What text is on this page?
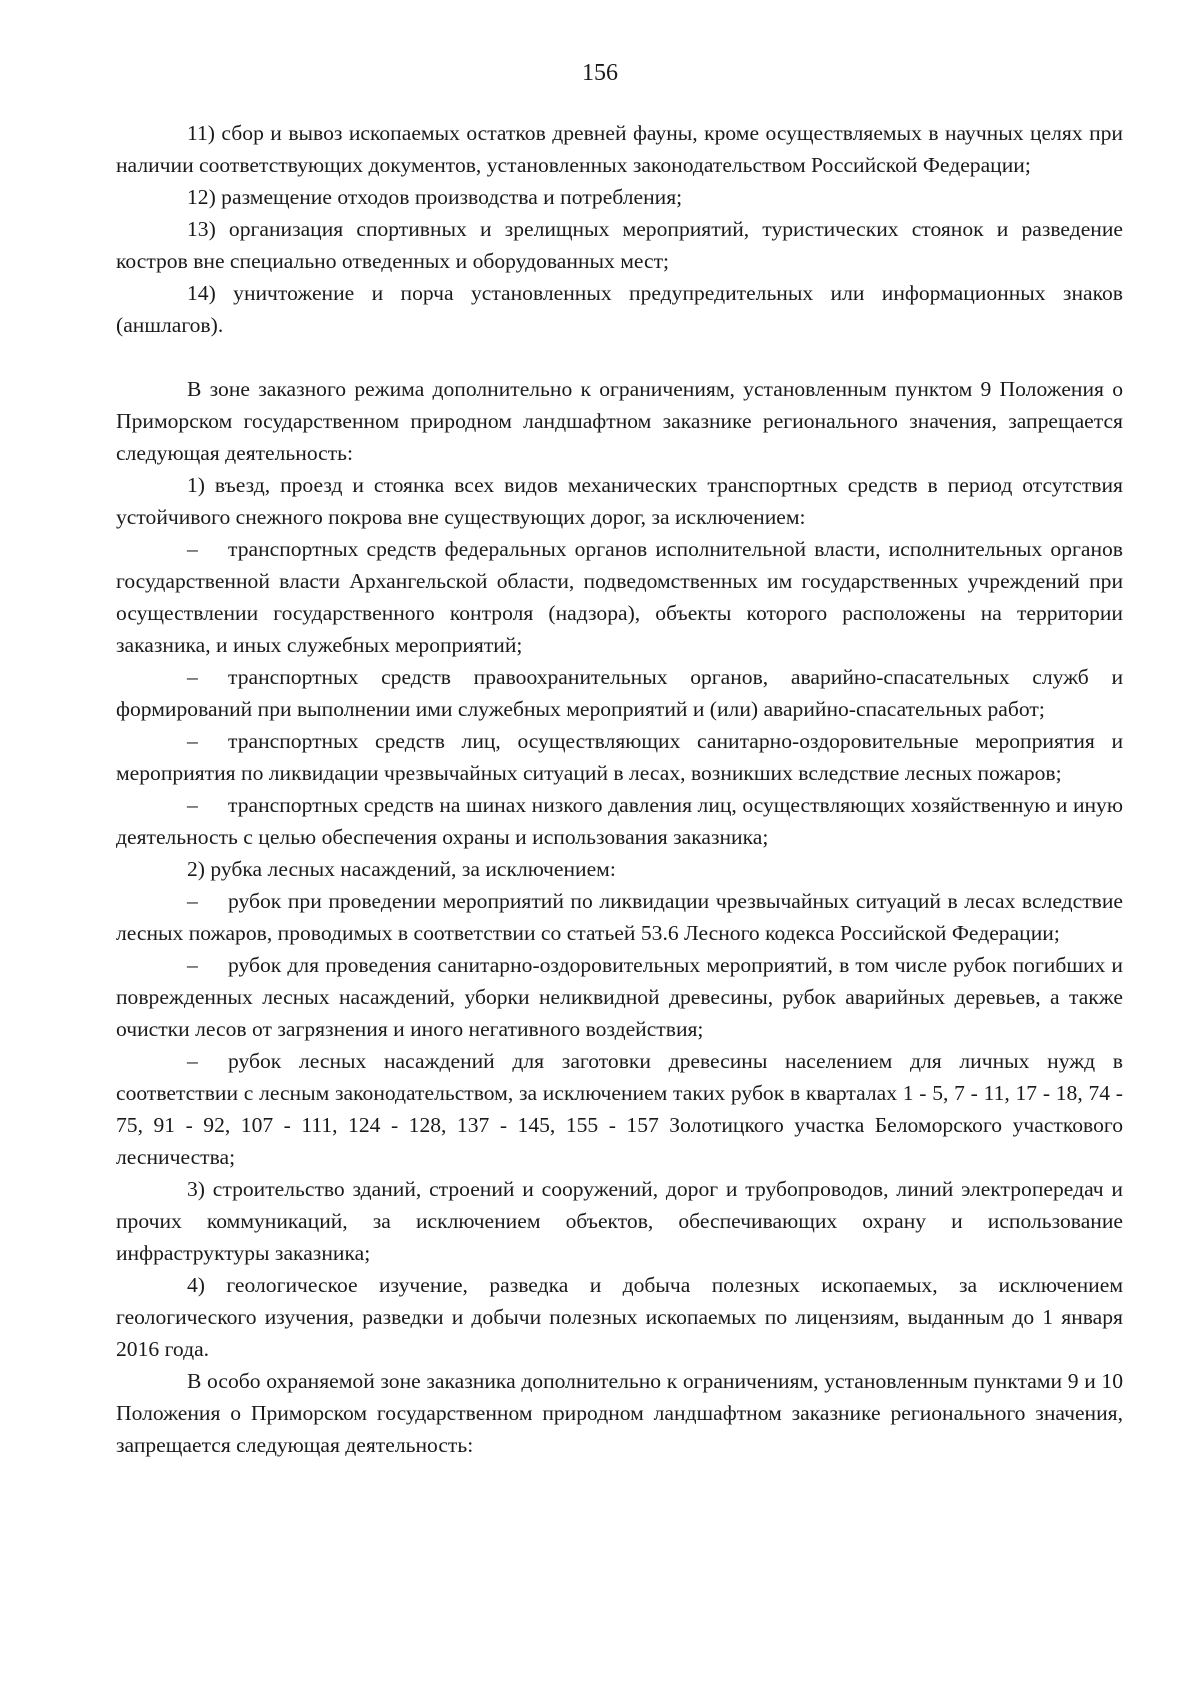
156

11) сбор и вывоз ископаемых остатков древней фауны, кроме осуществляемых в научных целях при наличии соответствующих документов, установленных законодательством Российской Федерации;

12) размещение отходов производства и потребления;

13) организация спортивных и зрелищных мероприятий, туристических стоянок и разведение костров вне специально отведенных и оборудованных мест;

14) уничтожение и порча установленных предупредительных или информационных знаков (аншлагов).

В зоне заказного режима дополнительно к ограничениям, установленным пунктом 9 Положения о Приморском государственном природном ландшафтном заказнике регионального значения, запрещается следующая деятельность:

1) въезд, проезд и стоянка всех видов механических транспортных средств в период отсутствия устойчивого снежного покрова вне существующих дорог, за исключением:

– транспортных средств федеральных органов исполнительной власти, исполнительных органов государственной власти Архангельской области, подведомственных им государственных учреждений при осуществлении государственного контроля (надзора), объекты которого расположены на территории заказника, и иных служебных мероприятий;

– транспортных средств правоохранительных органов, аварийно-спасательных служб и формирований при выполнении ими служебных мероприятий и (или) аварийно-спасательных работ;

– транспортных средств лиц, осуществляющих санитарно-оздоровительные мероприятия и мероприятия по ликвидации чрезвычайных ситуаций в лесах, возникших вследствие лесных пожаров;

– транспортных средств на шинах низкого давления лиц, осуществляющих хозяйственную и иную деятельность с целью обеспечения охраны и использования заказника;

2) рубка лесных насаждений, за исключением:

– рубок при проведении мероприятий по ликвидации чрезвычайных ситуаций в лесах вследствие лесных пожаров, проводимых в соответствии со статьей 53.6 Лесного кодекса Российской Федерации;

– рубок для проведения санитарно-оздоровительных мероприятий, в том числе рубок погибших и поврежденных лесных насаждений, уборки неликвидной древесины, рубок аварийных деревьев, а также очистки лесов от загрязнения и иного негативного воздействия;

– рубок лесных насаждений для заготовки древесины населением для личных нужд в соответствии с лесным законодательством, за исключением таких рубок в кварталах 1 - 5, 7 - 11, 17 - 18, 74 - 75, 91 - 92, 107 - 111, 124 - 128, 137 - 145, 155 - 157 Золотицкого участка Беломорского участкового лесничества;

3) строительство зданий, строений и сооружений, дорог и трубопроводов, линий электропередач и прочих коммуникаций, за исключением объектов, обеспечивающих охрану и использование инфраструктуры заказника;

4) геологическое изучение, разведка и добыча полезных ископаемых, за исключением геологического изучения, разведки и добычи полезных ископаемых по лицензиям, выданным до 1 января 2016 года.

В особо охраняемой зоне заказника дополнительно к ограничениям, установленным пунктами 9 и 10 Положения о Приморском государственном природном ландшафтном заказнике регионального значения, запрещается следующая деятельность:
